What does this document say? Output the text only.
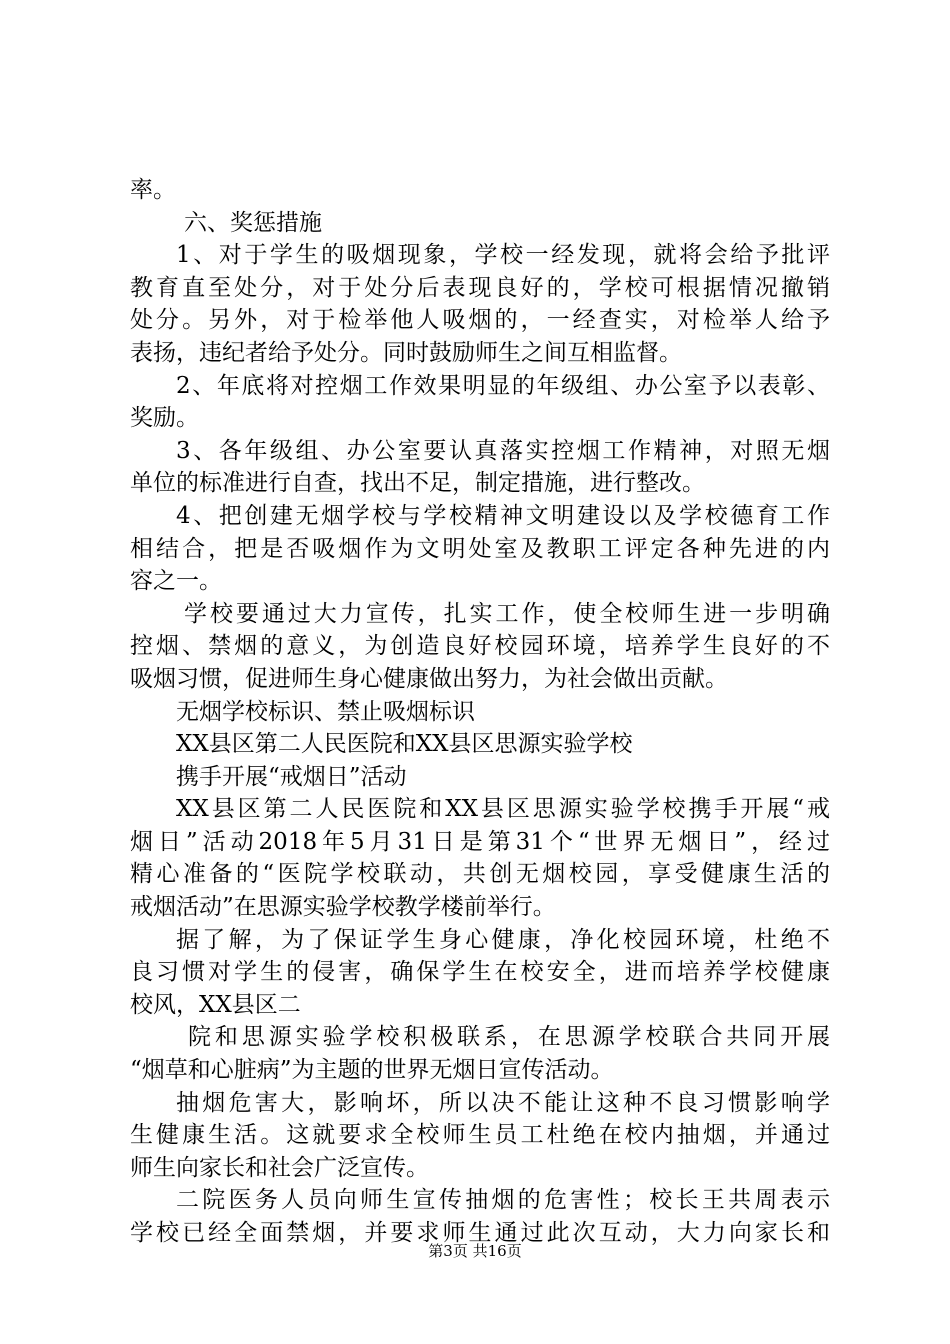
率。
六、奖惩措施
1、对于学生的吸烟现象，学校一经发现，就将会给予批评
教育直至处分，对于处分后表现良好的，学校可根据情况撤销
处分。另外，对于检举他人吸烟的，一经查实，对检举人给予
表扬，违纪者给予处分。同时鼓励师生之间互相监督。
2、年底将对控烟工作效果明显的年级组、办公室予以表彰、
奖励。
3、各年级组、办公室要认真落实控烟工作精神，对照无烟
单位的标准进行自查，找出不足，制定措施，进行整改。
4、把创建无烟学校与学校精神文明建设以及学校德育工作
相结合，把是否吸烟作为文明处室及教职工评定各种先进的内
容之一。
学校要通过大力宣传，扎实工作，使全校师生进一步明确
控烟、禁烟的意义，为创造良好校园环境，培养学生良好的不
吸烟习惯，促进师生身心健康做出努力，为社会做出贡献。
无烟学校标识、禁止吸烟标识
XX县区第二人民医院和XX县区思源实验学校
携手开展“戒烟日”活动
XX县区第二人民医院和XX县区思源实验学校携手开展“戒
烟日”活动2018年5月31日是第31个“世界无烟日”，经过
精心准备的“医院学校联动，共创无烟校园，享受健康生活的
戒烟活动”在思源实验学校教学楼前举行。
据了解，为了保证学生身心健康，净化校园环境，杜绝不
良习惯对学生的侵害，确保学生在校安全，进而培养学校健康
校风，XX县区二
院和思源实验学校积极联系，在思源学校联合共同开展
“烟草和心脏病”为主题的世界无烟日宣传活动。
抽烟危害大，影响坏，所以决不能让这种不良习惯影响学
生健康生活。这就要求全校师生员工杜绝在校内抽烟，并通过
师生向家长和社会广泛宣传。
二院医务人员向师生宣传抽烟的危害性；校长王共周表示
学校已经全面禁烟，并要求师生通过此次互动，大力向家长和
第3页 共16页
